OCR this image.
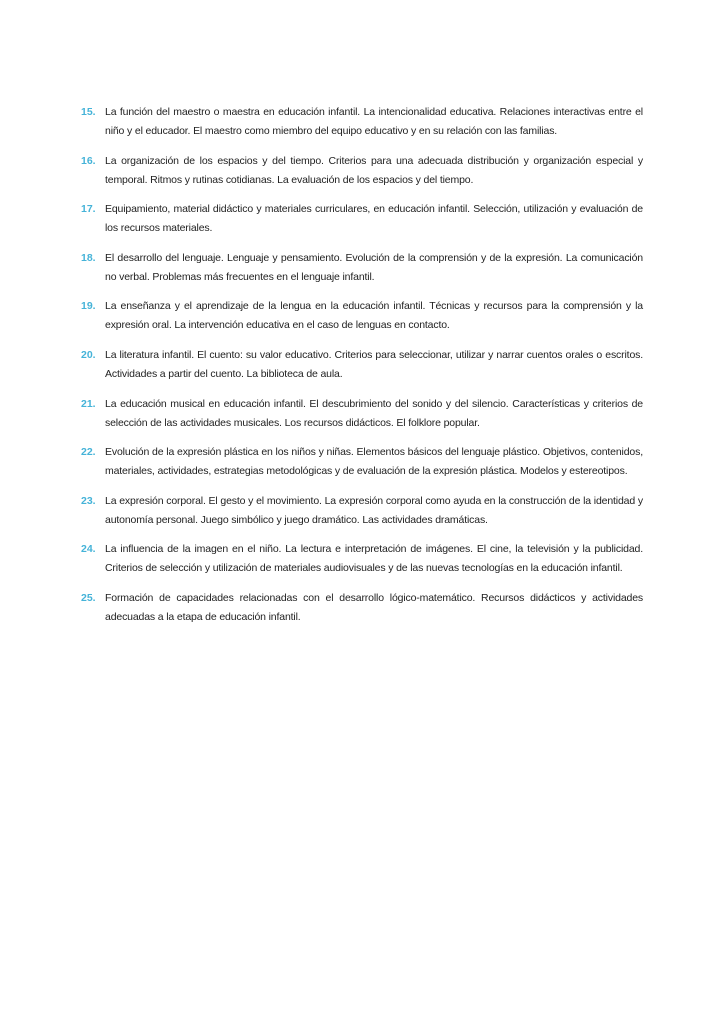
15. La función del maestro o maestra en educación infantil. La intencionalidad educativa. Relaciones interactivas entre el niño y el educador. El maestro como miembro del equipo educativo y en su relación con las familias.
16. La organización de los espacios y del tiempo. Criterios para una adecuada distribución y organización especial y temporal. Ritmos y rutinas cotidianas. La evaluación de los espacios y del tiempo.
17. Equipamiento, material didáctico y materiales curriculares, en educación infantil. Selección, utilización y evaluación de los recursos materiales.
18. El desarrollo del lenguaje. Lenguaje y pensamiento. Evolución de la comprensión y de la expresión. La comunicación no verbal. Problemas más frecuentes en el lenguaje infantil.
19. La enseñanza y el aprendizaje de la lengua en la educación infantil. Técnicas y recursos para la comprensión y la expresión oral. La intervención educativa en el caso de lenguas en contacto.
20. La literatura infantil. El cuento: su valor educativo. Criterios para seleccionar, utilizar y narrar cuentos orales o escritos. Actividades a partir del cuento. La biblioteca de aula.
21. La educación musical en educación infantil. El descubrimiento del sonido y del silencio. Características y criterios de selección de las actividades musicales. Los recursos didácticos. El folklore popular.
22. Evolución de la expresión plástica en los niños y niñas. Elementos básicos del lenguaje plástico. Objetivos, contenidos, materiales, actividades, estrategias metodológicas y de evaluación de la expresión plástica. Modelos y estereotipos.
23. La expresión corporal. El gesto y el movimiento. La expresión corporal como ayuda en la construcción de la identidad y autonomía personal. Juego simbólico y juego dramático. Las actividades dramáticas.
24. La influencia de la imagen en el niño. La lectura e interpretación de imágenes. El cine, la televisión y la publicidad. Criterios de selección y utilización de materiales audiovisuales y de las nuevas tecnologías en la educación infantil.
25. Formación de capacidades relacionadas con el desarrollo lógico-matemático. Recursos didácticos y actividades adecuadas a la etapa de educación infantil.
